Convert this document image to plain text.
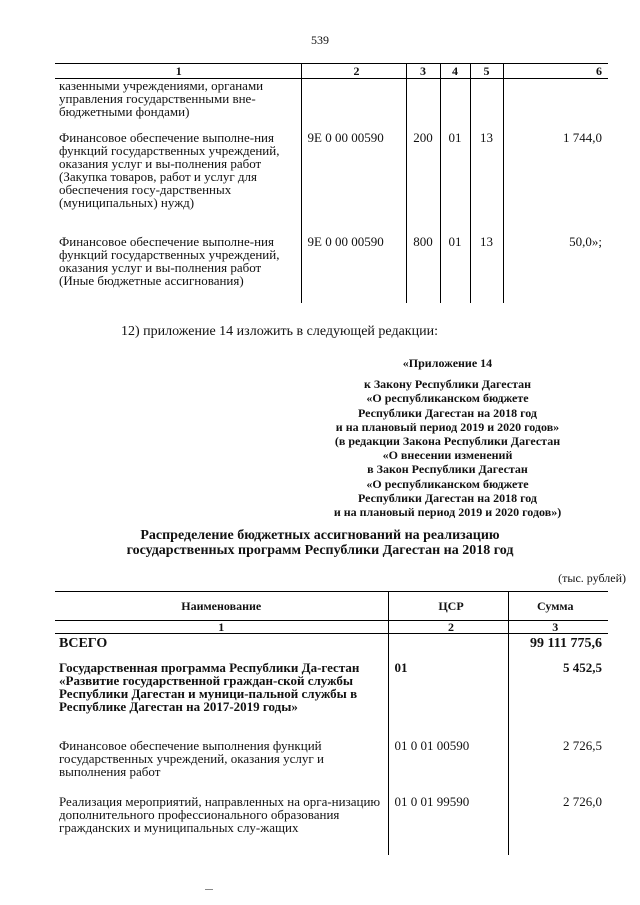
539
1	2	3	4	5	6
казенными учреждениями, органами управления государственными вне-бюджетными фондами)					
Финансовое обеспечение выполне-ния функций государственных учреждений, оказания услуг и вы-полнения работ (Закупка товаров, работ и услуг для обеспечения госу-дарственных (муниципальных) нужд)	9Е 0 00 00590	200	01	13	1 744,0
Финансовое обеспечение выполне-ния функций государственных учреждений, оказания услуг и вы-полнения работ (Иные бюджетные ассигнования)	9Е 0 00 00590	800	01	13	50,0»;
12) приложение 14 изложить в следующей редакции:
«Приложение 14
к Закону Республики Дагестан
«О республиканском бюджете
Республики Дагестан на 2018 год
и на плановый период 2019 и 2020 годов»
(в редакции Закона Республики Дагестан
«О внесении изменений
в Закон Республики Дагестан
«О республиканском бюджете
Республики Дагестан на 2018 год
и на плановый период 2019 и 2020 годов»)
Распределение бюджетных ассигнований на реализацию
государственных программ Республики Дагестан на 2018 год
(тыс. рублей)
Наименование	ЦСР	Сумма
1	2	3
ВСЕГО		99 111 775,6
Государственная программа Республики Да-гестан «Развитие государственной граждан-ской службы Республики Дагестан и муници-пальной службы в Республике Дагестан на 2017-2019 годы»	01	5 452,5
Финансовое обеспечение выполнения функций государственных учреждений, оказания услуг и выполнения работ	01 0 01 00590	2 726,5
Реализация мероприятий, направленных на орга-низацию дополнительного профессионального образования гражданских и муниципальных слу-жащих	01 0 01 99590	2 726,0
